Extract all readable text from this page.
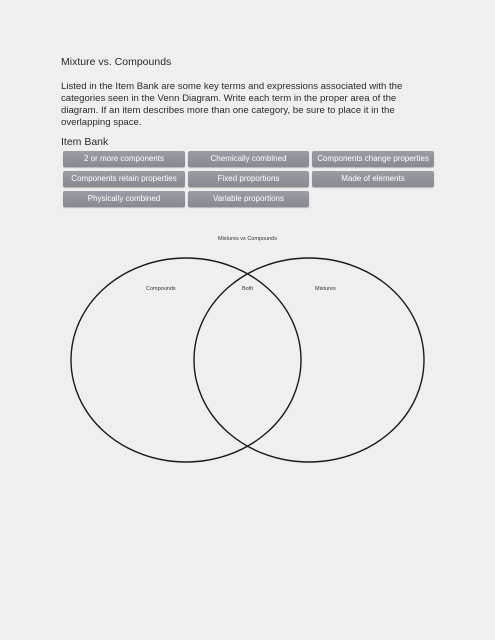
Mixture vs. Compounds
Listed in the Item Bank are some key terms and expressions associated with the categories seen in the Venn Diagram. Write each term in the proper area of the diagram. If an item describes more than one category, be sure to place it in the overlapping space.
Item Bank
2 or more components	Chemically combined	Components change properties
Components retain properties	Fixed proportions	Made of elements
Physically combined	Variable proportions
Mixtures vs Compounds
Compounds	Both	Mixtures
